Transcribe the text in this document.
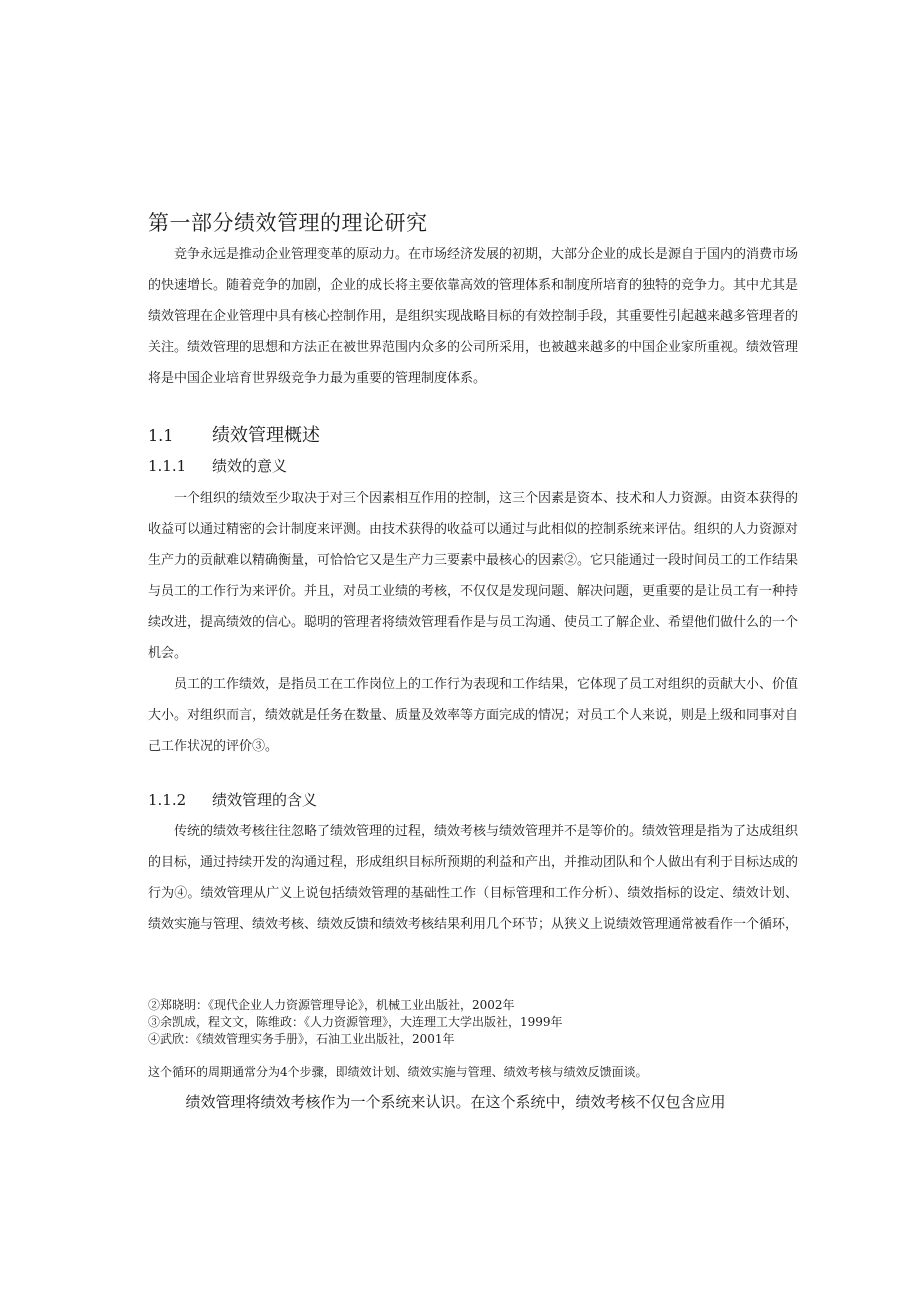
第一部分绩效管理的理论研究

竞争永远是推动企业管理变革的原动力。在市场经济发展的初期，大部分企业的成长是源自于国内的消费市场的快速增长。随着竞争的加剧，企业的成长将主要依靠高效的管理体系和制度所培育的独特的竞争力。其中尤其是绩效管理在企业管理中具有核心控制作用，是组织实现战略目标的有效控制手段，其重要性引起越来越多管理者的关注。绩效管理的思想和方法正在被世界范围内众多的公司所采用，也被越来越多的中国企业家所重视。绩效管理将是中国企业培育世界级竞争力最为重要的管理制度体系。

1.1 绩效管理概述
1.1.1 绩效的意义

一个组织的绩效至少取决于对三个因素相互作用的控制，这三个因素是资本、技术和人力资源。由资本获得的收益可以通过精密的会计制度来评测。由技术获得的收益可以通过与此相似的控制系统来评估。组织的人力资源对生产力的贡献难以精确衡量，可恰恰它又是生产力三要素中最核心的因素②。它只能通过一段时间员工的工作结果与员工的工作行为来评价。并且，对员工业绩的考核，不仅仅是发现问题、解决问题，更重要的是让员工有一种持续改进，提高绩效的信心。聪明的管理者将绩效管理看作是与员工沟通、使员工了解企业、希望他们做什么的一个机会。

员工的工作绩效，是指员工在工作岗位上的工作行为表现和工作结果，它体现了员工对组织的贡献大小、价值大小。对组织而言，绩效就是任务在数量、质量及效率等方面完成的情况；对员工个人来说，则是上级和同事对自己工作状况的评价③。

1.1.2 绩效管理的含义

传统的绩效考核往往忽略了绩效管理的过程，绩效考核与绩效管理并不是等价的。绩效管理是指为了达成组织的目标，通过持续开发的沟通过程，形成组织目标所预期的利益和产出，并推动团队和个人做出有利于目标达成的行为④。绩效管理从广义上说包括绩效管理的基础性工作（目标管理和工作分析）、绩效指标的设定、绩效计划、绩效实施与管理、绩效考核、绩效反馈和绩效考核结果利用几个环节；从狭义上说绩效管理通常被看作一个循环，

②郑晓明：《现代企业人力资源管理导论》，机械工业出版社，2002年

③余凯成，程文文，陈维政：《人力资源管理》，大连理工大学出版社，1999年

④武欣：《绩效管理实务手册》，石油工业出版社，2001年

这个循环的周期通常分为4个步骤，即绩效计划、绩效实施与管理、绩效考核与绩效反馈面谈。

绩效管理将绩效考核作为一个系统来认识。在这个系统中，绩效考核不仅包含应用
